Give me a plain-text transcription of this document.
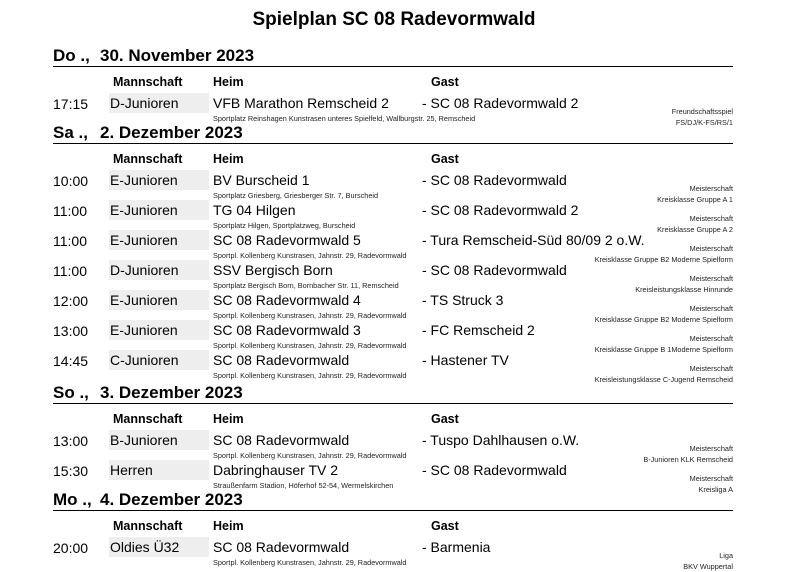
Spielplan SC 08 Radevormwald
Do ., 30. November 2023
Mannschaft Heim	Gast
17:15 D-Junioren	VFB Marathon Remscheid 2 - SC 08 Radevormwald 2
Sportplatz Reinshagen Kunstrasen unteres Spielfeld, Wallburgstr. 25, Remscheid
Freundschaftsspiel
FS/DJ/K-FS/RS/1
Sa ., 2. Dezember 2023
Mannschaft Heim	Gast
10:00 E-Junioren	BV Burscheid 1	- SC 08 Radevormwald
Sportplatz Griesberg, Griesberger Str. 7, Burscheid
Meisterschaft
Kreisklasse Gruppe A 1
11:00 E-Junioren	TG 04 Hilgen	- SC 08 Radevormwald 2
Sportplatz Hilgen, Sportplatzweg, Burscheid
Meisterschaft
Kreisklasse Gruppe A 2
11:00 E-Junioren	SC 08 Radevormwald 5	- Tura Remscheid-Süd 80/09 2 o.W.
Sportpl. Kollenberg Kunstrasen, Jahnstr. 29, Radevormwald
Meisterschaft
Kreisklasse Gruppe B2 Moderne Spielform
11:00 D-Junioren	SSV Bergisch Born	- SC 08 Radevormwald
Sportplatz Bergisch Born, Bornbacher Str. 11, Remscheid
Meisterschaft
Kreisleistungsklasse Hinrunde
12:00 E-Junioren	SC 08 Radevormwald 4	- TS Struck 3
Sportpl. Kollenberg Kunstrasen, Jahnstr. 29, Radevormwald
Meisterschaft
Kreisklasse Gruppe B2 Moderne Spielform
13:00 E-Junioren	SC 08 Radevormwald 3	- FC Remscheid 2
Sportpl. Kollenberg Kunstrasen, Jahnstr. 29, Radevormwald
Meisterschaft
Kreisklasse Gruppe B 1Moderne Spielform
14:45 C-Junioren	SC 08 Radevormwald	- Hastener TV
Sportpl. Kollenberg Kunstrasen, Jahnstr. 29, Radevormwald
Meisterschaft
Kreisleistungsklasse C-Jugend Remscheid
So ., 3. Dezember 2023
Mannschaft Heim	Gast
13:00 B-Junioren	SC 08 Radevormwald	- Tuspo Dahlhausen o.W.
Sportpl. Kollenberg Kunstrasen, Jahnstr. 29, Radevormwald
Meisterschaft
B-Junioren KLK Remscheid
15:30 Herren	Dabringhauser TV 2	- SC 08 Radevormwald
Straußenfarm Stadion, Höferhof 52-54, Wermelskirchen
Meisterschaft
Kreisliga A
Mo ., 4. Dezember 2023
Mannschaft Heim	Gast
20:00 Oldies Ü32	SC 08 Radevormwald	- Barmenia
Sportpl. Kollenberg Kunstrasen, Jahnstr. 29, Radevormwald
Liga
BKV Wuppertal
